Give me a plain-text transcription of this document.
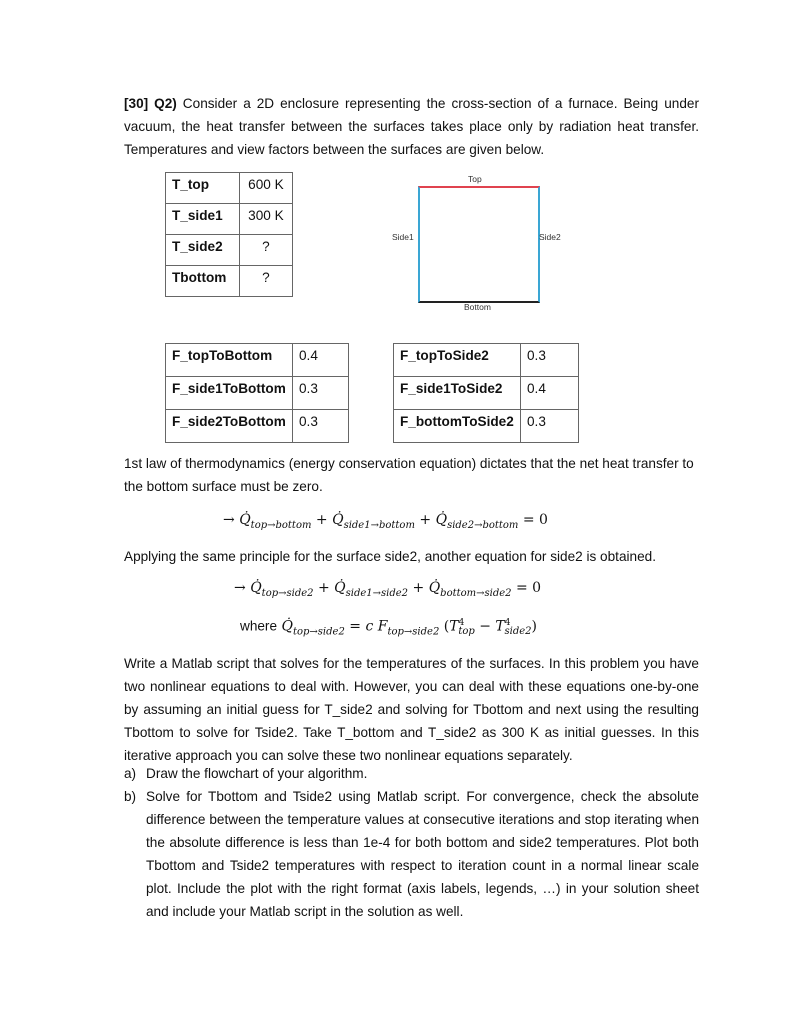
[30] Q2) Consider a 2D enclosure representing the cross-section of a furnace. Being under vacuum, the heat transfer between the surfaces takes place only by radiation heat transfer. Temperatures and view factors between the surfaces are given below.
T_top	600 K
T_side1	300 K
T_side2	?
Tbottom	?
Top
Side1	Side2
Bottom
F_topToBottom	0.4
F_side1ToBottom	0.3
F_side2ToBottom	0.3
F_topToSide2	0.3
F_side1ToSide2	0.4
F_bottomToSide2	0.3
1st law of thermodynamics (energy conservation equation) dictates that the net heat transfer to the bottom surface must be zero.
→ $Q̇_{top\to bottom}$ + $Q̇_{side1\to bottom}$ + $Q̇_{side2\to bottom} = 0$
Applying the same principle for the surface side2, another equation for side2 is obtained.
→ $Q̇_{top\to side2}$ + $Q̇_{side1\to side2}$ + $Q̇_{bottom\to side2} = 0$
where $Q̇_{top\to side2} = c$ $F_{top\to side2}$ $(T^4_{top} - T^4_{side2})$
Write a Matlab script that solves for the temperatures of the surfaces. In this problem you have two nonlinear equations to deal with. However, you can deal with these equations one-by-one by assuming an initial guess for T_side2 and solving for Tbottom and next using the resulting Tbottom to solve for Tside2. Take T_bottom and T_side2 as 300 K as initial guesses. In this iterative approach you can solve these two nonlinear equations separately.
a) Draw the flowchart of your algorithm.
b) Solve for Tbottom and Tside2 using Matlab script. For convergence, check the absolute difference between the temperature values at consecutive iterations and stop iterating when the absolute difference is less than 1e-4 for both bottom and side2 temperatures. Plot both Tbottom and Tside2 temperatures with respect to iteration count in a normal linear scale plot. Include the plot with the right format (axis labels, legends, …) in your solution sheet and include your Matlab script in the solution as well.
